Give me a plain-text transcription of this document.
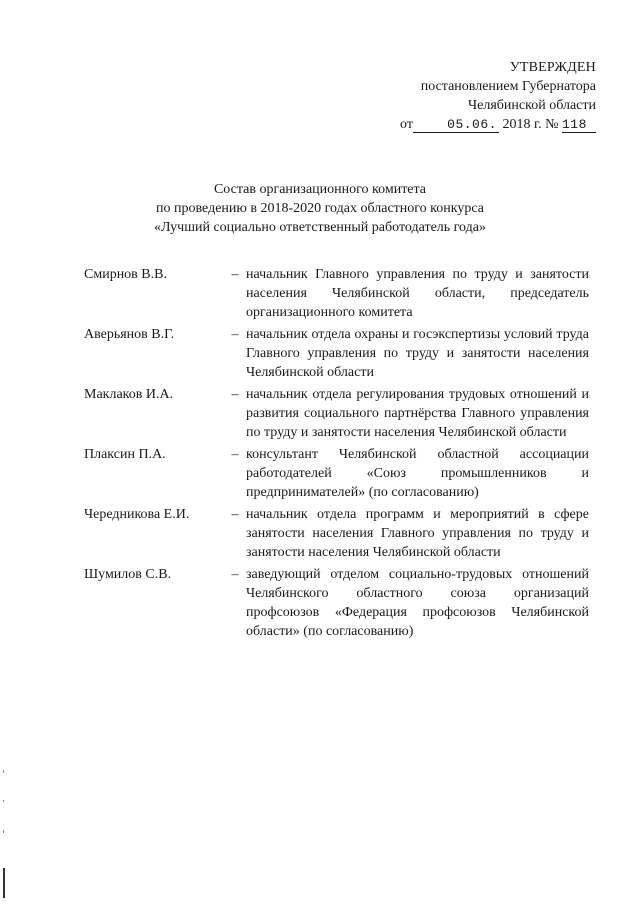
УТВЕРЖДЕН
постановлением Губернатора
Челябинской области
от	05.06. 2018 г. № 118
Состав организационного комитета
по проведению в 2018-2020 годах областного конкурса
«Лучший социально ответственный работодатель года»
Смирнов В.В.	– начальник Главного управления по труду и занятости населения Челябинской области, председатель организационного комитета
Аверьянов В.Г.	– начальник отдела охраны и госэкспертизы условий труда Главного управления по труду и занятости населения Челябинской области
Маклаков И.А.	– начальник отдела регулирования трудовых отношений и развития социального партнёрства Главного управления по труду и занятости населения Челябинской области
Плаксин П.А.	– консультант Челябинской областной ассоциации работодателей «Союз промышленников и предпринимателей» (по согласованию)
Чередникова Е.И.	– начальник отдела программ и мероприятий в сфере занятости населения Главного управления по труду и занятости населения Челябинской области
Шумилов С.В.	– заведующий отделом социально-трудовых отношений Челябинского областного союза организаций профсоюзов «Федерация профсоюзов Челябинской области» (по согласованию)
